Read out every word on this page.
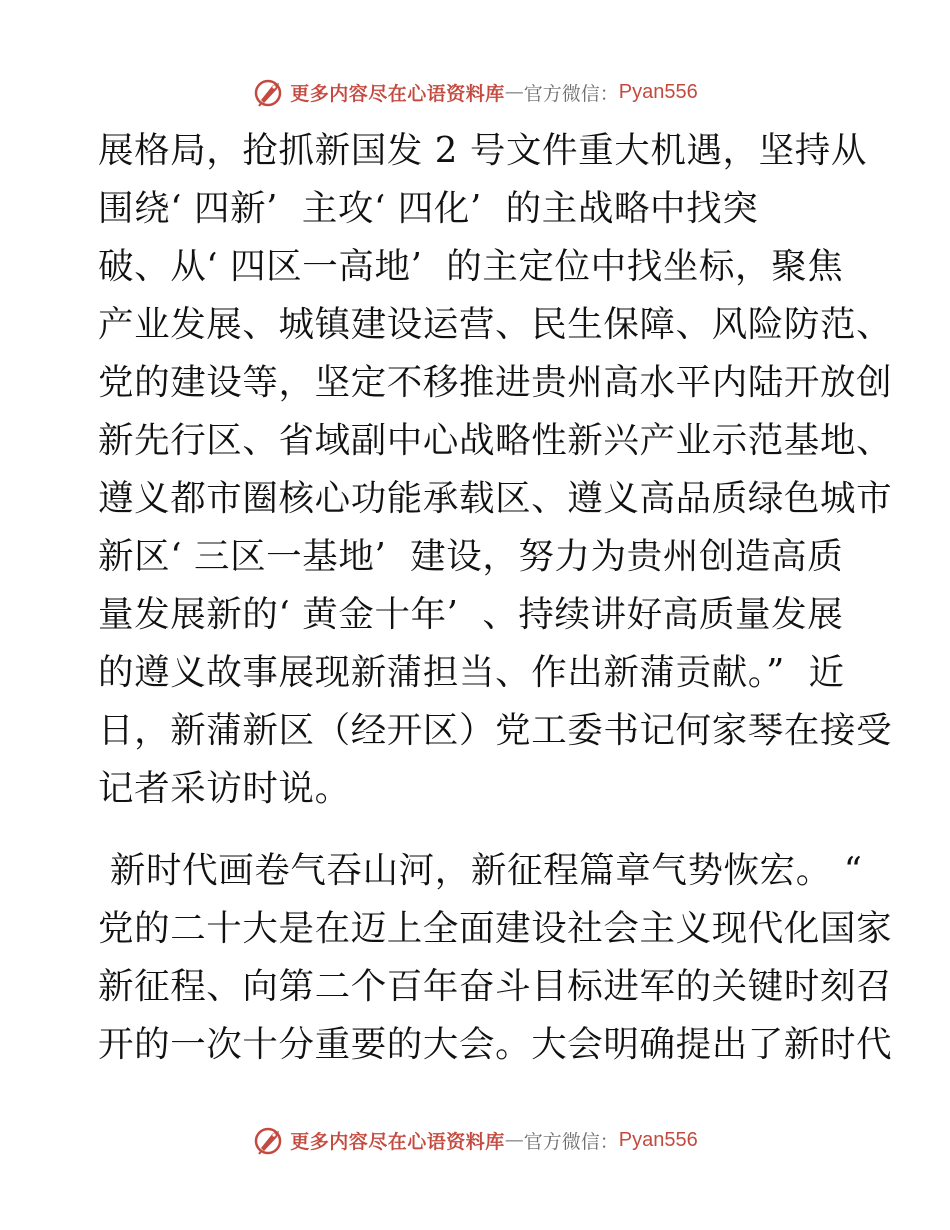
更多内容尽在心语资料库 — 官方微信： Pyan556
展格局，抢抓新国发 2 号文件重大机遇，坚持从
围绕‘ 四新’  主攻‘ 四化’  的主战略中找突
破、从‘ 四区一高地’  的主定位中找坐标，聚焦
产业发展、城镇建设运营、民生保障、风险防范、
党的建设等，坚定不移推进贵州高水平内陆开放创
新先行区、省域副中心战略性新兴产业示范基地、
遵义都市圈核心功能承载区、遵义高品质绿色城市
新区‘ 三区一基地’  建设，努力为贵州创造高质
量发展新的‘ 黄金十年’  、持续讲好高质量发展
的遵义故事展现新蒲担当、作出新蒲贡献。”  近
日，新蒲新区（经开区）党工委书记何家琴在接受
记者采访时说。
新时代画卷气吞山河，新征程篇章气势恢宏。 “
党的二十大是在迈上全面建设社会主义现代化国家
新征程、向第二个百年奋斗目标进军的关键时刻召
开的一次十分重要的大会。大会明确提出了新时代
更多内容尽在心语资料库 — 官方微信： Pyan556
